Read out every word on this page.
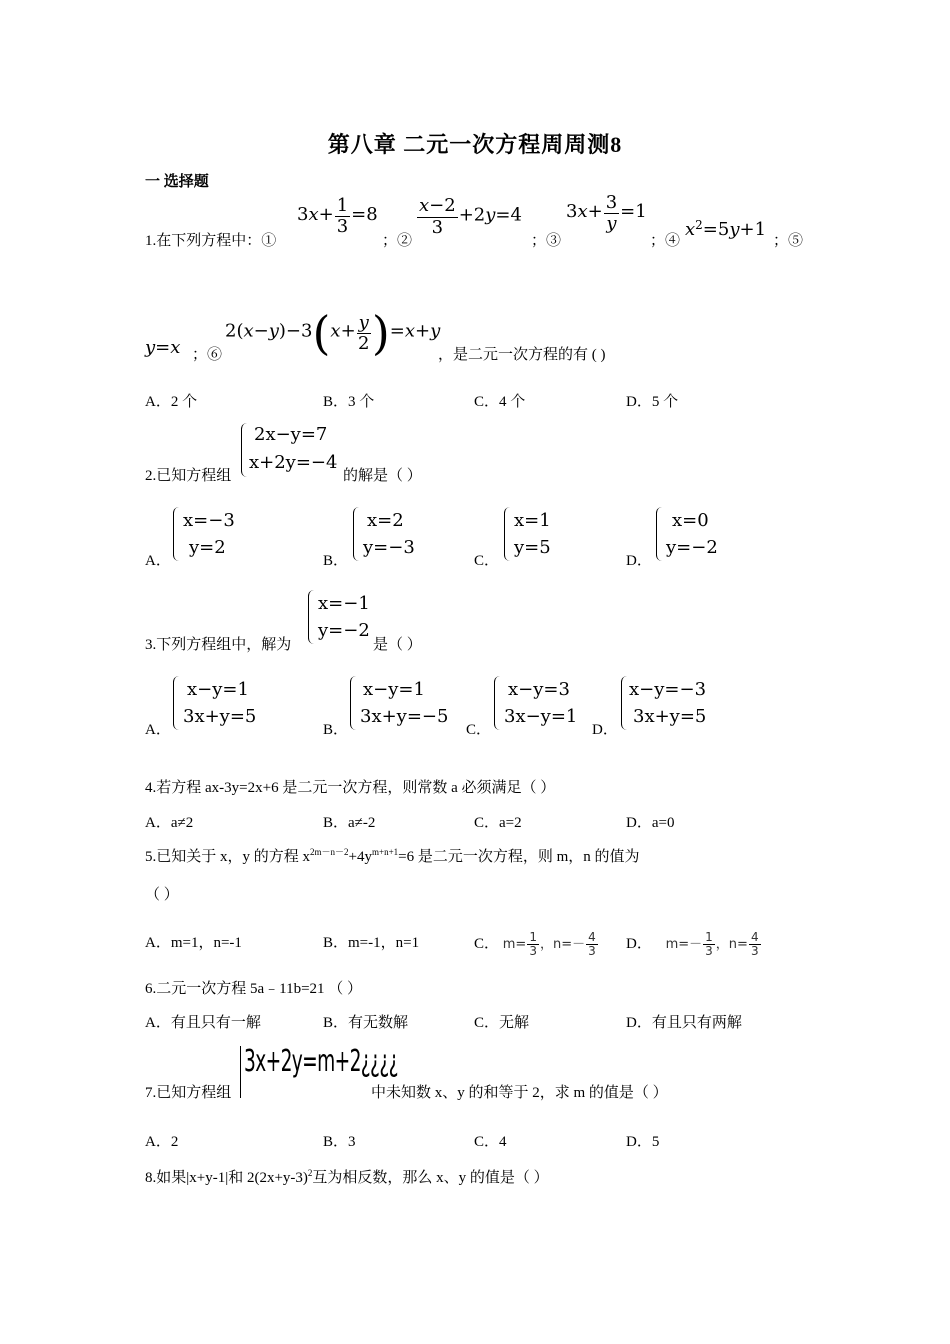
第八章 二元一次方程周周测8
一 选择题
1.在下列方程中：①
$3x+ \frac{1}{3} =8$
；②
$\frac{x-2}{3} +2y=4$
；③
$3x+ \frac{3}{y} =1$
；④
$x^2=5y+1$
；⑤
y=x ；⑥
$2(x-y)-3(x+ \frac{y}{2} )=x+y$
，是二元一次方程的有 ( )
A．2 个	B．3 个	C．4 个	D．5 个
2.已知方程组
2x−y=7
x+2y=−4
的解是（ ）
A．
x=−3
y=2
B．
x=2
y=−3
C．
x=1
y=5
D．
x=0
y=−2
3.下列方程组中，解为
x=−1
y=−2
是（ ）
A．
x−y=1
3x+y=5
B．
x−y=1
3x+y=−5
C．
x−y=3
3x−y=1
D．
x−y=−3
3x+y=5
4.若方程 ax-3y=2x+6 是二元一次方程，则常数 a 必须满足（ ）
A．a≠2	B．a≠-2	C．a=2	D．a=0
5.已知关于 x，y 的方程 $x^{2m-n-2}+4y^{m+n+1}=6$ 是二元一次方程，则 m，n 的值为
（ ）
A．m=1，n=-1	B．m=-1，n=1	C． $m= \frac{1}{3}$ ，$n=- \frac{4}{3}$ D． $m=- \frac{1}{3}$ ，$n= \frac{4}{3}$
6.二元一次方程 5a﹣11b=21 （ ）
A．有且只有一解	B．有无数解	C．无解	D．有且只有两解
7.已知方程组
3x+2y=m+2¿¿¿¿
中未知数 x、y 的和等于 2，求 m 的值是（ ）
A．2	B．3	C．4	D．5
8.如果|x+y-1|和 $2(2x+y-3)^2$互为相反数，那么 x、y 的值是（ ）
